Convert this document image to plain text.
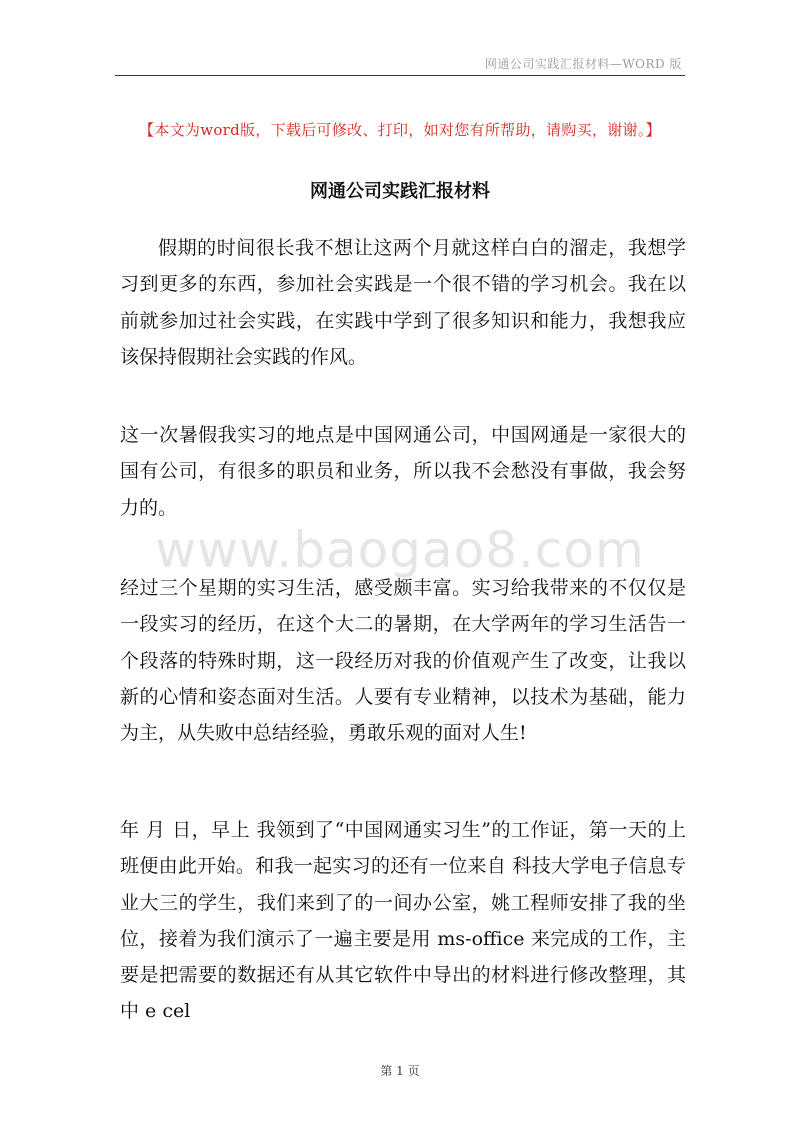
网通公司实践汇报材料—WORD 版
【本文为word版，下载后可修改、打印，如对您有所帮助，请购买，谢谢。】
网通公司实践汇报材料

假期的时间很长我不想让这两个月就这样白白的溜走，我想学习到更多的东西，参加社会实践是一个很不错的学习机会。我在以前就参加过社会实践，在实践中学到了很多知识和能力，我想我应该保持假期社会实践的作风。

这一次暑假我实习的地点是中国网通公司，中国网通是一家很大的国有公司，有很多的职员和业务，所以我不会愁没有事做，我会努力的。

www.baogao8.com

经过三个星期的实习生活，感受颇丰富。实习给我带来的不仅仅是一段实习的经历，在这个大二的暑期，在大学两年的学习生活告一个段落的特殊时期，这一段经历对我的价值观产生了改变，让我以新的心情和姿态面对生活。人要有专业精神，以技术为基础，能力为主，从失败中总结经验，勇敢乐观的面对人生!

年 月 日，早上 我领到了“中国网通实习生”的工作证，第一天的上班便由此开始。和我一起实习的还有一位来自 科技大学电子信息专业大三的学生，我们来到了的一间办公室，姚工程师安排了我的坐位，接着为我们演示了一遍主要是用 ms-office 来完成的工作，主要是把需要的数据还有从其它软件中导出的材料进行修改整理，其中 e cel

第 1 页
